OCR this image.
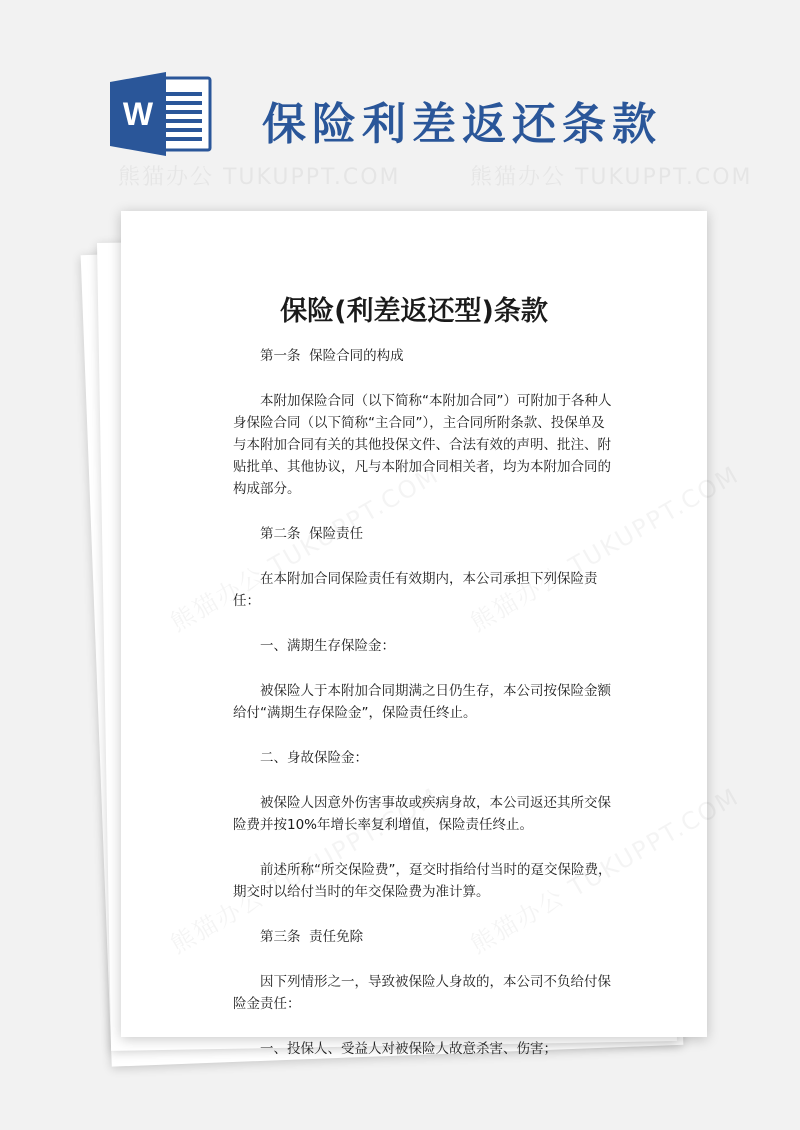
W 保险利差返还条款
熊猫办公 TUKUPPT.COM	熊猫办公 TUKUPPT.COM
保险(利差返还型)条款

第一条  保险合同的构成

本附加保险合同（以下简称“本附加合同”）可附加于各种人身保险合同（以下简称“主合同”），主合同所附条款、投保单及与本附加合同有关的其他投保文件、合法有效的声明、批注、附贴批单、其他协议，凡与本附加合同相关者，均为本附加合同的构成部分。

第二条  保险责任

在本附加合同保险责任有效期内，本公司承担下列保险责任：

一、满期生存保险金：

被保险人于本附加合同期满之日仍生存，本公司按保险金额给付“满期生存保险金”，保险责任终止。

二、身故保险金：

被保险人因意外伤害事故或疾病身故，本公司返还其所交保险费并按10%年增长率复利增值，保险责任终止。

前述所称“所交保险费”，趸交时指给付当时的趸交保险费，期交时以给付当时的年交保险费为准计算。

第三条  责任免除

因下列情形之一，导致被保险人身故的，本公司不负给付保险金责任：

一、投保人、受益人对被保险人故意杀害、伤害；
